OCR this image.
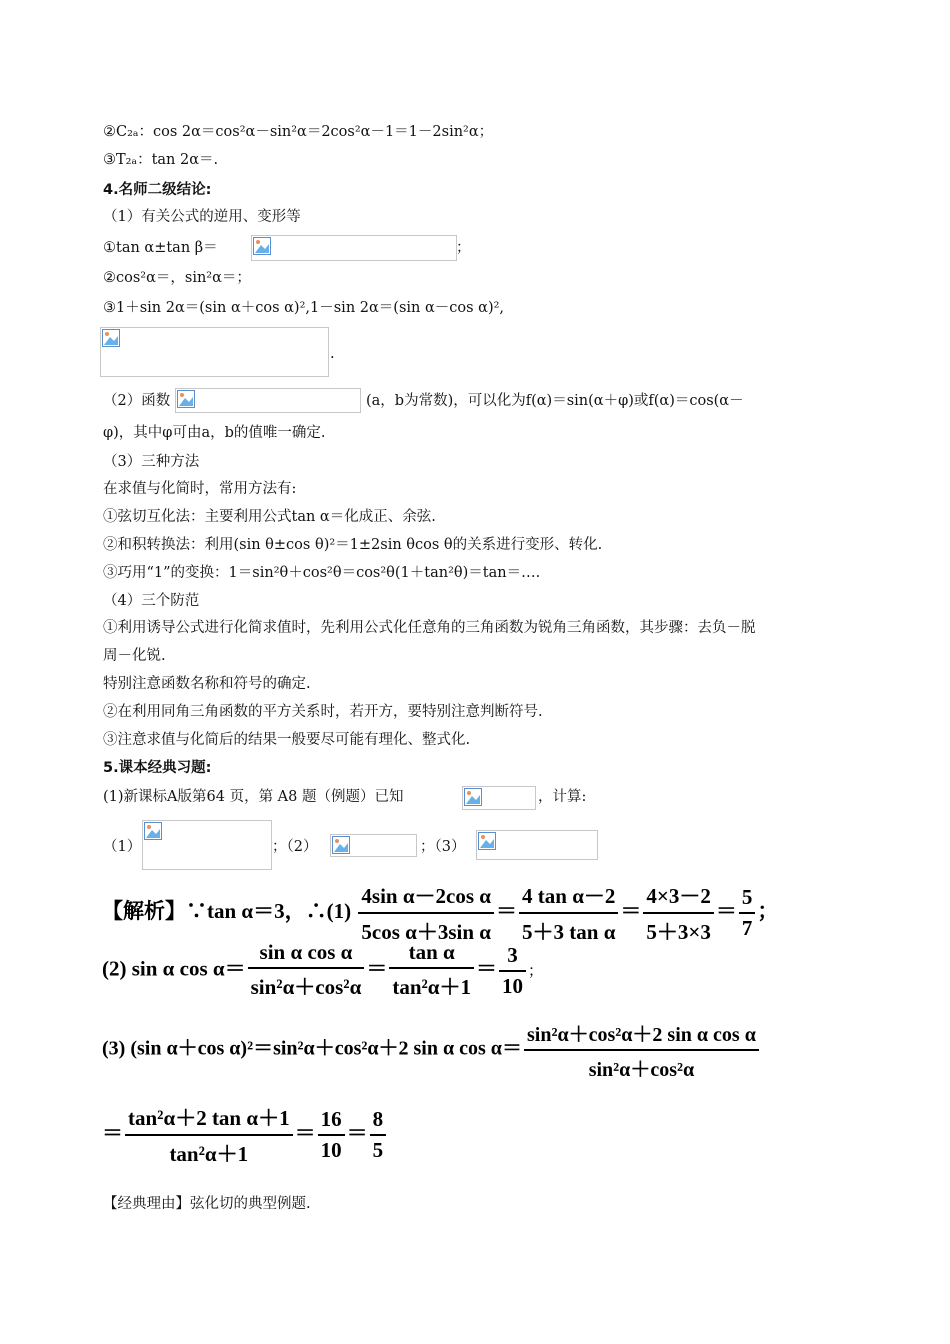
②C₂ₐ：cos 2α＝cos²α－sin²α＝2cos²α－1＝1－2sin²α；
③T₂ₐ：tan 2α＝.
4.名师二级结论:
（1）有关公式的逆用、变形等
①tan α±tan β＝	；
②cos²α＝，sin²α＝；
③1＋sin 2α＝(sin α＋cos α)²,1－sin 2α＝(sin α－cos α)²,
.
（2）函数	(a，b为常数)，可以化为f(α)＝sin(α＋φ)或f(α)＝cos(α－
φ)，其中φ可由a，b的值唯一确定.
（3）三种方法
在求值与化简时，常用方法有:
①弦切互化法：主要利用公式tan α＝化成正、余弦.
②和积转换法：利用(sin θ±cos θ)²＝1±2sin θcos θ的关系进行变形、转化.
③巧用“1”的变换：1＝sin²θ＋cos²θ＝cos²θ(1＋tan²θ)＝tan＝….
（4）三个防范
①利用诱导公式进行化简求值时，先利用公式化任意角的三角函数为锐角三角函数，其步骤：去负－脱
周－化锐.
特别注意函数名称和符号的确定.
②在利用同角三角函数的平方关系时，若开方，要特别注意判断符号.
③注意求值与化简后的结果一般要尽可能有理化、整式化.
5.课本经典习题:
(1)新课标A版第64 页，第 A8 题（例题）已知	，计算:
（1）	；（2）	；（3）
【解析】∵tan α＝3，∴(1) $\frac{\text{4sin α－2cos α}}{\text{5cos α＋3sin α}} = \frac{\text{4 tan α－2}}{\text{5＋3 tan α}} = \frac{4\times 3-2}{5+3\times 3} = \frac{5}{7}$ ；
(2) sin α $\cos \alpha= \frac{\text{sin α cos α}}{\text{sin²α＋cos²α}} = \frac{\text{tan α}}{\text{tan²α＋1}} = \frac{3}{10}$ ；
(3) (sin α＋cos α)²＝sin²α＋cos²α＋2 sin α $\cos \alpha= \frac{\text{sin²α＋cos²α＋2 sin α cos α}}{\text{sin²α＋cos²α}}$
＝ $\frac{\text{tan²α＋2 tan α＋1}}{\text{tan²α＋1}} = \frac{16}{10} = \frac{8}{5}$
【经典理由】弦化切的典型例题.
